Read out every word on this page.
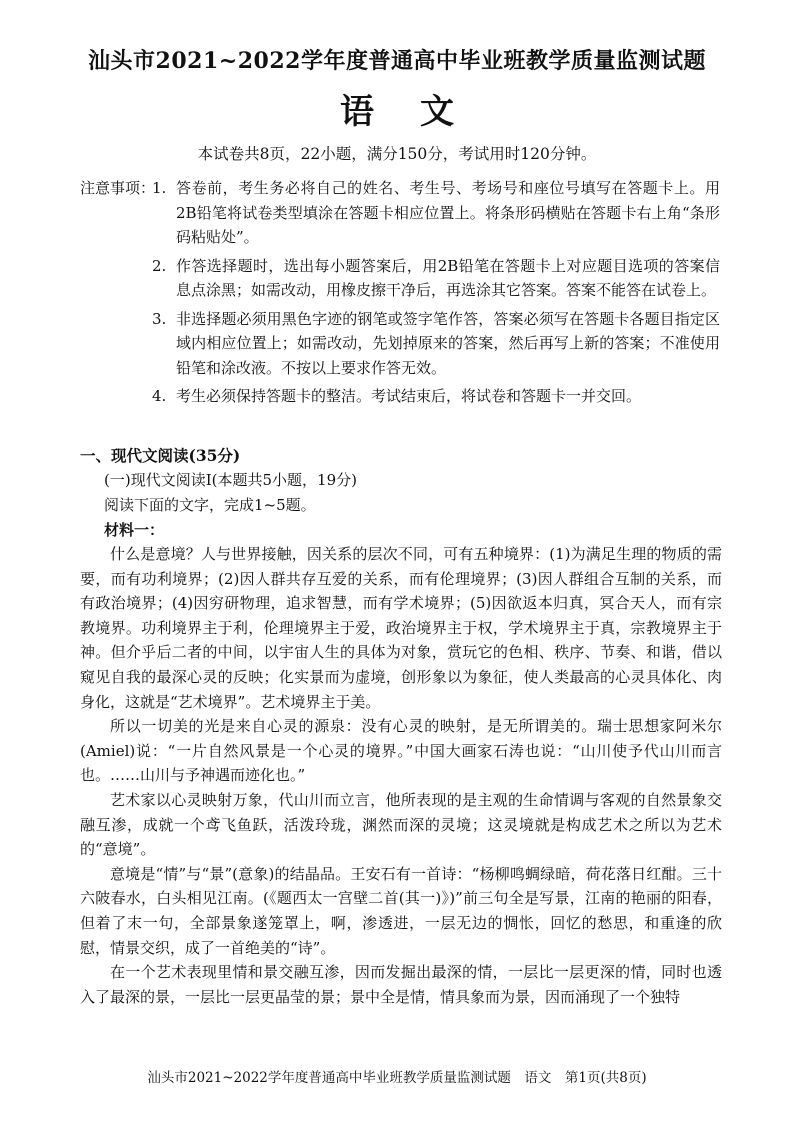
汕头市2021~2022学年度普通高中毕业班教学质量监测试题
语文
本试卷共8页，22小题，满分150分，考试用时120分钟。
注意事项：
1. 答卷前，考生务必将自己的姓名、考生号、考场号和座位号填写在答题卡上。用2B铅笔将试卷类型填涂在答题卡相应位置上。将条形码横贴在答题卡右上角“条形码粘贴处”。
2. 作答选择题时，选出每小题答案后，用2B铅笔在答题卡上对应题目选项的答案信息点涂黑；如需改动，用橡皮擦干净后，再选涂其它答案。答案不能答在试卷上。
3. 非选择题必须用黑色字迹的钢笔或签字笔作答，答案必须写在答题卡各题目指定区域内相应位置上；如需改动，先划掉原来的答案，然后再写上新的答案；不准使用铅笔和涂改液。不按以上要求作答无效。
4. 考生必须保持答题卡的整洁。考试结束后，将试卷和答题卡一并交回。
一、现代文阅读(35分)
(一)现代文阅读Ⅰ(本题共5小题，19分)
阅读下面的文字，完成1~5题。
材料一：

什么是意境？人与世界接触，因关系的层次不同，可有五种境界：(1)为满足生理的物质的需要，而有功利境界；(2)因人群共存互爱的关系，而有伦理境界；(3)因人群组合互制的关系，而有政治境界；(4)因穷研物理，追求智慧，而有学术境界；(5)因欲返本归真，冥合天人，而有宗教境界。功利境界主于利，伦理境界主于爱，政治境界主于权，学术境界主于真，宗教境界主于神。但介乎后二者的中间，以宇宙人生的具体为对象，赏玩它的色相、秩序、节奏、和谐，借以窥见自我的最深心灵的反映；化实景而为虚境，创形象以为象征，使人类最高的心灵具体化、肉身化，这就是“艺术境界”。艺术境界主于美。

所以一切美的光是来自心灵的源泉：没有心灵的映射，是无所谓美的。瑞士思想家阿米尔(Amiel)说：“一片自然风景是一个心灵的境界。”中国大画家石涛也说：“山川使予代山川而言也。……山川与予神遇而迹化也。”

艺术家以心灵映射万象，代山川而立言，他所表现的是主观的生命情调与客观的自然景象交融互渗，成就一个鸢飞鱼跃，活泼玲珑，渊然而深的灵境；这灵境就是构成艺术之所以为艺术的“意境”。

意境是“情”与“景”(意象)的结晶品。王安石有一首诗：“杨柳鸣蜩绿暗，荷花落日红酣。三十六陂春水，白头相见江南。(《题西太一宫壁二首(其一)》)”前三句全是写景，江南的艳丽的阳春，但着了末一句，全部景象遂笼罩上，啊，渗透进，一层无边的惆怅，回忆的愁思，和重逢的欣慰，情景交织，成了一首绝美的“诗”。

在一个艺术表现里情和景交融互渗，因而发掘出最深的情，一层比一层更深的情，同时也透入了最深的景，一层比一层更晶莹的景；景中全是情，情具象而为景，因而涌现了一个独特

汕头市2021~2022学年度普通高中毕业班教学质量监测试题　语文　第1页(共8页)
